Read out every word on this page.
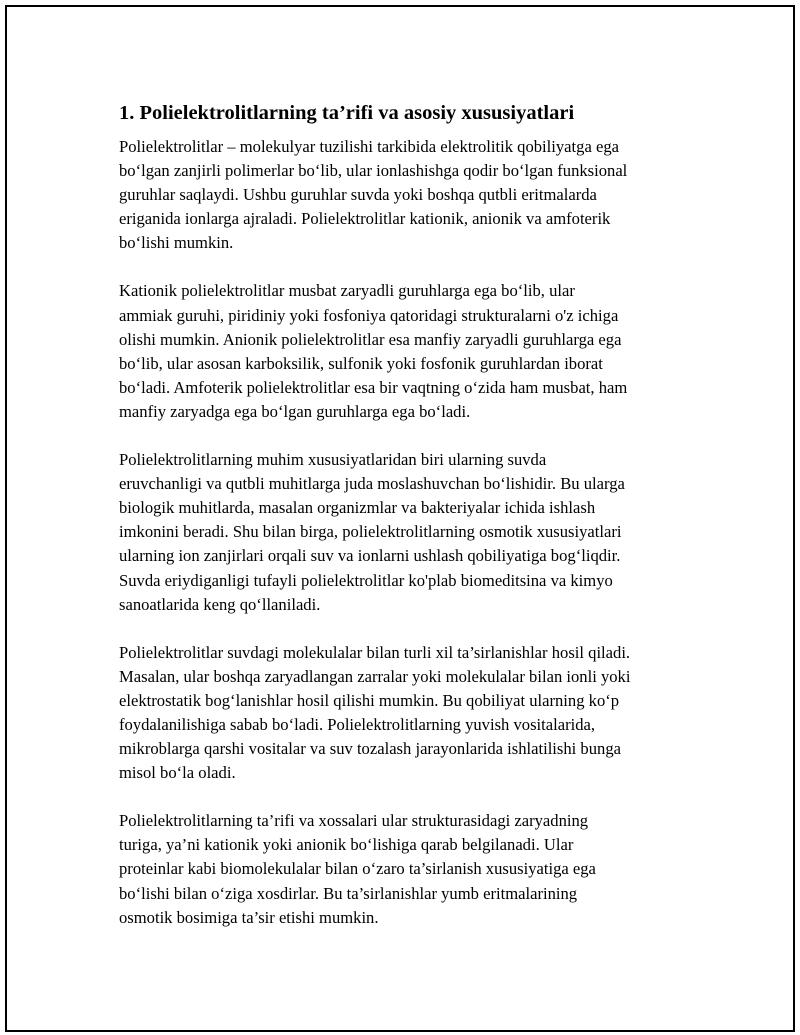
1. Polielektrolitlarning ta’rifi va asosiy xususiyatlari
Polielektrolitlar – molekulyar tuzilishi tarkibida elektrolitik qobiliyatga ega
bo‘lgan zanjirli polimerlar bo‘lib, ular ionlashishga qodir bo‘lgan funksional
guruhlar saqlaydi. Ushbu guruhlar suvda yoki boshqa qutbli eritmalarda
eriganida ionlarga ajraladi. Polielektrolitlar kationik, anionik va amfoterik
bo‘lishi mumkin.
Kationik polielektrolitlar musbat zaryadli guruhlarga ega bo‘lib, ular
ammiak guruhi, piridiniy yoki fosfoniya qatoridagi strukturalarni o'z ichiga
olishi mumkin. Anionik polielektrolitlar esa manfiy zaryadli guruhlarga ega
bo‘lib, ular asosan karboksilik, sulfonik yoki fosfonik guruhlardan iborat
bo‘ladi. Amfoterik polielektrolitlar esa bir vaqtning o‘zida ham musbat, ham
manfiy zaryadga ega bo‘lgan guruhlarga ega bo‘ladi.
Polielektrolitlarning muhim xususiyatlaridan biri ularning suvda
eruvchanligi va qutbli muhitlarga juda moslashuvchan bo‘lishidir. Bu ularga
biologik muhitlarda, masalan organizmlar va bakteriyalar ichida ishlash
imkonini beradi. Shu bilan birga, polielektrolitlarning osmotik xususiyatlari
ularning ion zanjirlari orqali suv va ionlarni ushlash qobiliyatiga bog‘liqdir.
Suvda eriydiganligi tufayli polielektrolitlar ko'plab biomeditsina va kimyo
sanoatlarida keng qo‘llaniladi.
Polielektrolitlar suvdagi molekulalar bilan turli xil ta’sirlanishlar hosil qiladi.
Masalan, ular boshqa zaryadlangan zarralar yoki molekulalar bilan ionli yoki
elektrostatik bog‘lanishlar hosil qilishi mumkin. Bu qobiliyat ularning ko‘p
foydalanilishiga sabab bo‘ladi. Polielektrolitlarning yuvish vositalarida,
mikroblarga qarshi vositalar va suv tozalash jarayonlarida ishlatilishi bunga
misol bo‘la oladi.
Polielektrolitlarning ta’rifi va xossalari ular strukturasidagi zaryadning
turiga, ya’ni kationik yoki anionik bo‘lishiga qarab belgilanadi. Ular
proteinlar kabi biomolekulalar bilan o‘zaro ta’sirlanish xususiyatiga ega
bo‘lishi bilan o‘ziga xosdirlar. Bu ta’sirlanishlar yumb eritmalarining
osmotik bosimiga ta’sir etishi mumkin.
